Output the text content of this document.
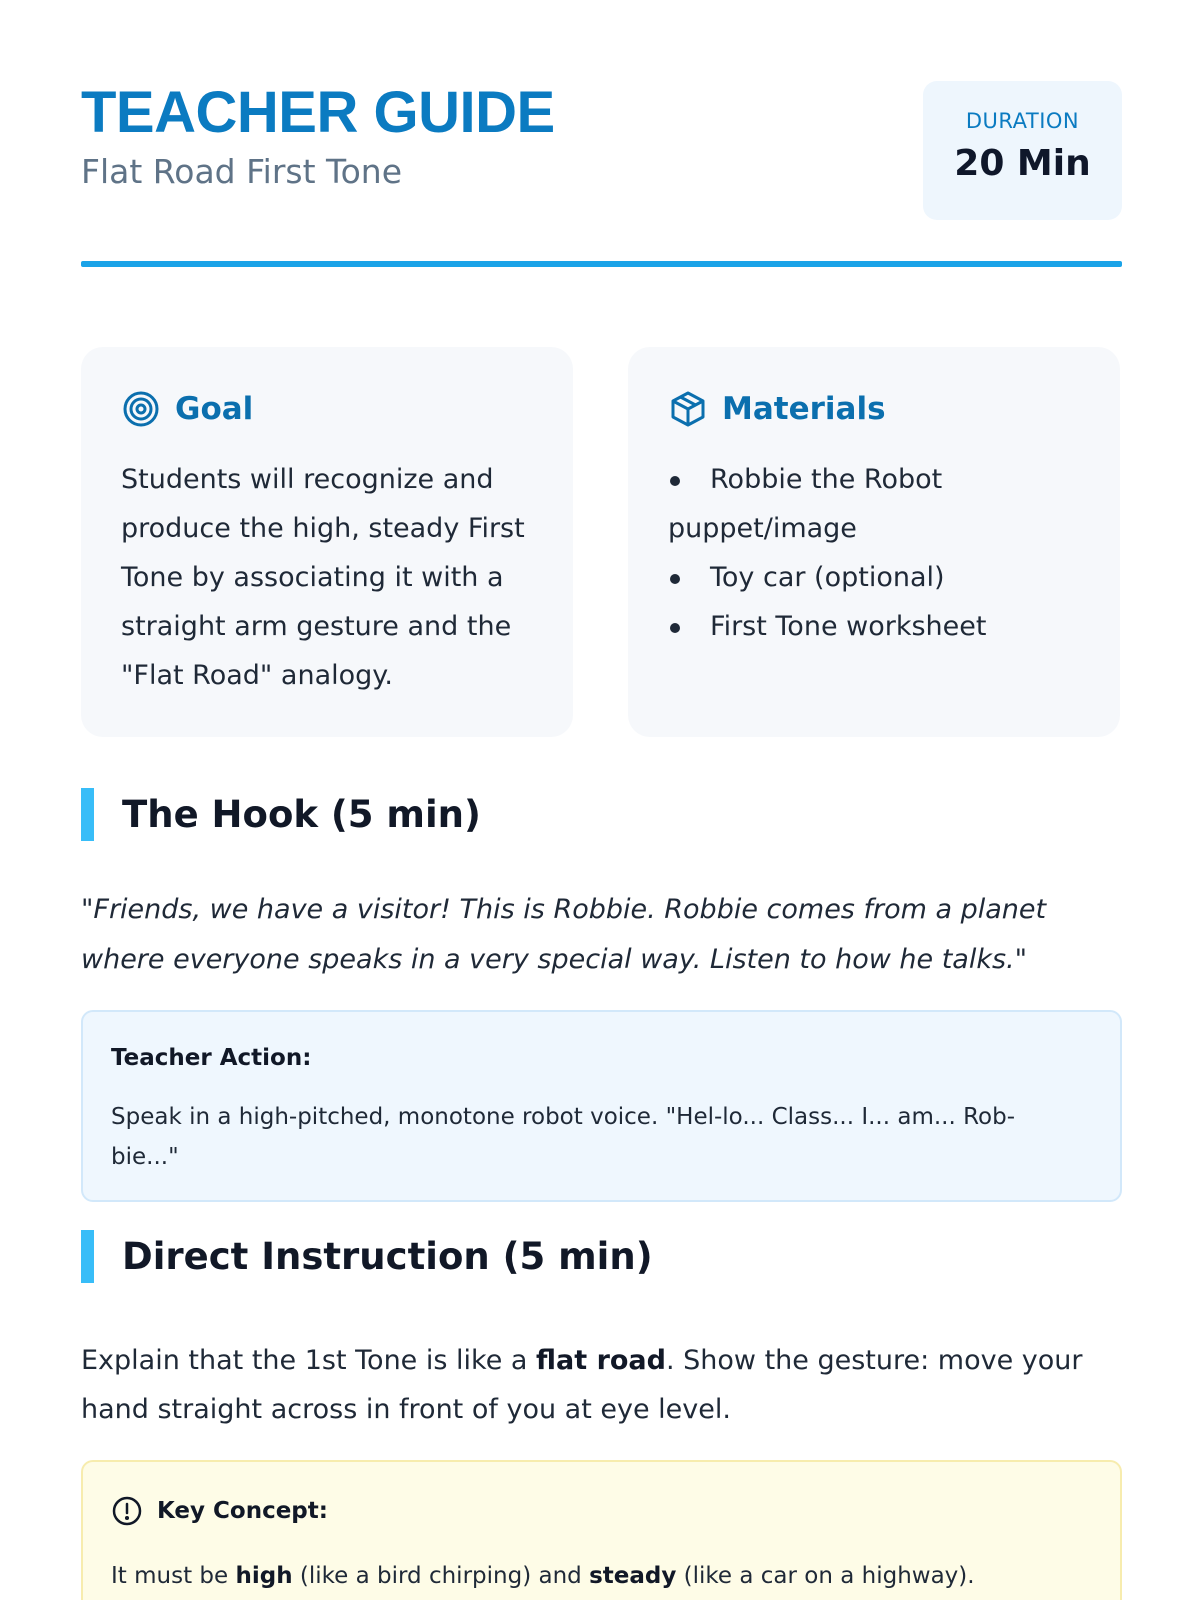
TEACHER GUIDE
Flat Road First Tone
DURATION
20 Min
Goal
Students will recognize and produce the high, steady First Tone by associating it with a straight arm gesture and the "Flat Road" analogy.
Materials
Robbie the Robot puppet/image
Toy car (optional)
First Tone worksheet
The Hook (5 min)
"Friends, we have a visitor! This is Robbie. Robbie comes from a planet where everyone speaks in a very special way. Listen to how he talks."
Teacher Action:
Speak in a high-pitched, monotone robot voice. "Hel-lo... Class... I... am... Rob-bie..."
Direct Instruction (5 min)
Explain that the 1st Tone is like a flat road. Show the gesture: move your hand straight across in front of you at eye level.
Key Concept:
It must be high (like a bird chirping) and steady (like a car on a highway).
